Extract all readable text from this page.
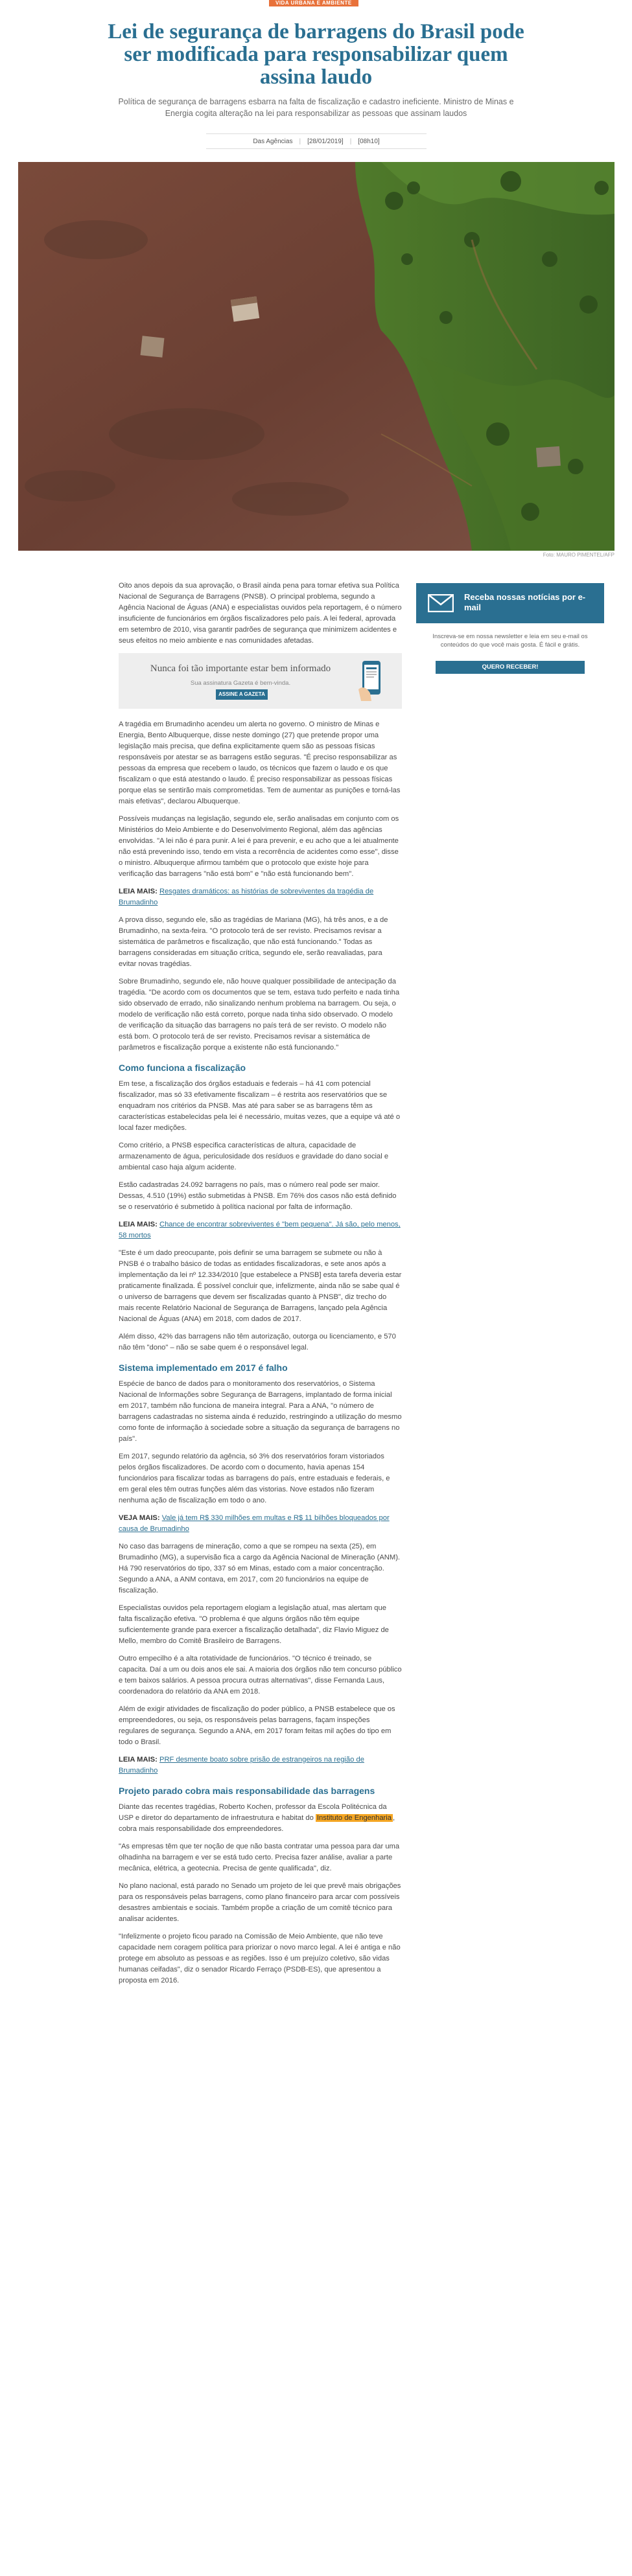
VIDA URBANA E AMBIENTE
Lei de segurança de barragens do Brasil pode ser modificada para responsabilizar quem assina laudo

Política de segurança de barragens esbarra na falta de fiscalização e cadastro ineficiente. Ministro de Minas e Energia cogita alteração na lei para responsabilizar as pessoas que assinam laudos

Das Agências | [28/01/2019] | [08h10]
Foto: MAURO PIMENTEL/AFP
Receba nossas notícias por e-mail
Inscreva-se em nossa newsletter e leia em seu e-mail os conteúdos do que você mais gosta. É fácil e grátis.
QUERO RECEBER!

Oito anos depois da sua aprovação, o Brasil ainda pena para tornar efetiva sua Política Nacional de Segurança de Barragens (PNSB). O principal problema, segundo a Agência Nacional de Águas (ANA) e especialistas ouvidos pela reportagem, é o número insuficiente de funcionários em órgãos fiscalizadores pelo país. A lei federal, aprovada em setembro de 2010, visa garantir padrões de segurança que minimizem acidentes e seus efeitos no meio ambiente e nas comunidades afetadas.

Nunca foi tão importante estar bem informado
Sua assinatura Gazeta é bem-vinda.
ASSINE A GAZETA

A tragédia em Brumadinho acendeu um alerta no governo. O ministro de Minas e Energia, Bento Albuquerque, disse neste domingo (27) que pretende propor uma legislação mais precisa, que defina explicitamente quem são as pessoas físicas responsáveis por atestar se as barragens estão seguras. "É preciso responsabilizar as pessoas da empresa que recebem o laudo, os técnicos que fazem o laudo e os que fiscalizam o que está atestando o laudo. É preciso responsabilizar as pessoas físicas porque elas se sentirão mais comprometidas. Tem de aumentar as punições e torná-las mais efetivas", declarou Albuquerque.

Possíveis mudanças na legislação, segundo ele, serão analisadas em conjunto com os Ministérios do Meio Ambiente e do Desenvolvimento Regional, além das agências envolvidas. "A lei não é para punir. A lei é para prevenir, e eu acho que a lei atualmente não está prevenindo isso, tendo em vista a recorrência de acidentes como esse", disse o ministro. Albuquerque afirmou também que o protocolo que existe hoje para verificação das barragens "não está bom" e "não está funcionando bem".

LEIA MAIS: Resgates dramáticos: as histórias de sobreviventes da tragédia de Brumadinho

A prova disso, segundo ele, são as tragédias de Mariana (MG), há três anos, e a de Brumadinho, na sexta-feira. "O protocolo terá de ser revisto. Precisamos revisar a sistemática de parâmetros e fiscalização, que não está funcionando." Todas as barragens consideradas em situação crítica, segundo ele, serão reavaliadas, para evitar novas tragédias.

Sobre Brumadinho, segundo ele, não houve qualquer possibilidade de antecipação da tragédia. "De acordo com os documentos que se tem, estava tudo perfeito e nada tinha sido observado de errado, não sinalizando nenhum problema na barragem. Ou seja, o modelo de verificação não está correto, porque nada tinha sido observado. O modelo de verificação da situação das barragens no país terá de ser revisto. O modelo não está bom. O protocolo terá de ser revisto. Precisamos revisar a sistemática de parâmetros e fiscalização porque a existente não está funcionando."

Como funciona a fiscalização

Em tese, a fiscalização dos órgãos estaduais e federais – há 41 com potencial fiscalizador, mas só 33 efetivamente fiscalizam – é restrita aos reservatórios que se enquadram nos critérios da PNSB. Mas até para saber se as barragens têm as características estabelecidas pela lei é necessário, muitas vezes, que a equipe vá até o local fazer medições.

Como critério, a PNSB especifica características de altura, capacidade de armazenamento de água, periculosidade dos resíduos e gravidade do dano social e ambiental caso haja algum acidente.

Estão cadastradas 24.092 barragens no país, mas o número real pode ser maior. Dessas, 4.510 (19%) estão submetidas à PNSB. Em 76% dos casos não está definido se o reservatório é submetido à política nacional por falta de informação.

LEIA MAIS: Chance de encontrar sobreviventes é "bem pequena". Já são, pelo menos, 58 mortos

"Este é um dado preocupante, pois definir se uma barragem se submete ou não à PNSB é o trabalho básico de todas as entidades fiscalizadoras, e sete anos após a implementação da lei nº 12.334/2010 [que estabelece a PNSB] esta tarefa deveria estar praticamente finalizada. É possível concluir que, infelizmente, ainda não se sabe qual é o universo de barragens que devem ser fiscalizadas quanto à PNSB", diz trecho do mais recente Relatório Nacional de Segurança de Barragens, lançado pela Agência Nacional de Águas (ANA) em 2018, com dados de 2017.

Além disso, 42% das barragens não têm autorização, outorga ou licenciamento, e 570 não têm "dono" – não se sabe quem é o responsável legal.

Sistema implementado em 2017 é falho

Espécie de banco de dados para o monitoramento dos reservatórios, o Sistema Nacional de Informações sobre Segurança de Barragens, implantado de forma inicial em 2017, também não funciona de maneira integral. Para a ANA, "o número de barragens cadastradas no sistema ainda é reduzido, restringindo a utilização do mesmo como fonte de informação à sociedade sobre a situação da segurança de barragens no país".

Em 2017, segundo relatório da agência, só 3% dos reservatórios foram vistoriados pelos órgãos fiscalizadores. De acordo com o documento, havia apenas 154 funcionários para fiscalizar todas as barragens do país, entre estaduais e federais, e em geral eles têm outras funções além das vistorias. Nove estados não fizeram nenhuma ação de fiscalização em todo o ano.

VEJA MAIS: Vale já tem R$ 330 milhões em multas e R$ 11 bilhões bloqueados por causa de Brumadinho

No caso das barragens de mineração, como a que se rompeu na sexta (25), em Brumadinho (MG), a supervisão fica a cargo da Agência Nacional de Mineração (ANM). Há 790 reservatórios do tipo, 337 só em Minas, estado com a maior concentração. Segundo a ANA, a ANM contava, em 2017, com 20 funcionários na equipe de fiscalização.

Especialistas ouvidos pela reportagem elogiam a legislação atual, mas alertam que falta fiscalização efetiva. "O problema é que alguns órgãos não têm equipe suficientemente grande para exercer a fiscalização detalhada", diz Flavio Miguez de Mello, membro do Comitê Brasileiro de Barragens.

Outro empecilho é a alta rotatividade de funcionários. "O técnico é treinado, se capacita. Daí a um ou dois anos ele sai. A maioria dos órgãos não tem concurso público e tem baixos salários. A pessoa procura outras alternativas", disse Fernanda Laus, coordenadora do relatório da ANA em 2018.

Além de exigir atividades de fiscalização do poder público, a PNSB estabelece que os empreendedores, ou seja, os responsáveis pelas barragens, façam inspeções regulares de segurança. Segundo a ANA, em 2017 foram feitas mil ações do tipo em todo o Brasil.

LEIA MAIS: PRF desmente boato sobre prisão de estrangeiros na região de Brumadinho

Projeto parado cobra mais responsabilidade das barragens

Diante das recentes tragédias, Roberto Kochen, professor da Escola Politécnica da USP e diretor do departamento de infraestrutura e habitat do Instituto de Engenharia , cobra mais responsabilidade dos empreendedores.

"As empresas têm que ter noção de que não basta contratar uma pessoa para dar uma olhadinha na barragem e ver se está tudo certo. Precisa fazer análise, avaliar a parte mecânica, elétrica, a geotecnia. Precisa de gente qualificada", diz.

No plano nacional, está parado no Senado um projeto de lei que prevê mais obrigações para os responsáveis pelas barragens, como plano financeiro para arcar com possíveis desastres ambientais e sociais. Também propõe a criação de um comitê técnico para analisar acidentes.

"Infelizmente o projeto ficou parado na Comissão de Meio Ambiente, que não teve capacidade nem coragem política para priorizar o novo marco legal. A lei é antiga e não protege em absoluto as pessoas e as regiões. Isso é um prejuízo coletivo, são vidas humanas ceifadas", diz o senador Ricardo Ferraço (PSDB-ES), que apresentou a proposta em 2016.
